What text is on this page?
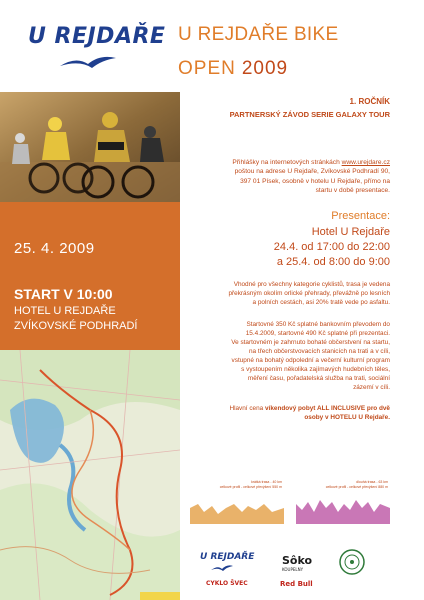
U REJDAŘE U REJDAŘE BIKE
OPEN 2009
25. 4. 2009
START V 10:00
HOTEL U REJDAŘE
ZVÍKOVSKÉ PODHRADÍ
1. ROČNÍK
PARTNERSKÝ ZÁVOD SERIE GALAXY TOUR
Přihlášky na internetových stránkách www.urejdare.cz
poštou na adrese U Rejdaře, Zvíkovské Podhradí 90,
397 01 Písek, osobně v hotelu U Rejdaře, přímo na
startu v době presentace.
Presentace:
Hotel U Rejdaře
24.4. od 17:00 do 22:00
a 25.4. od 8:00 do 9:00
Vhodné pro všechny kategorie cyklistů, trasa je vedena
překrásným okolím orlické přehrady, převážně po lesních
a polních cestách, asi 20% tratě vede po asfaltu.
Startovné 350 Kč splatné bankovním převodem do
15.4.2009, startovné 490 Kč splatné při prezentaci.
Ve startovném je zahrnuto bohaté občerstvení na startu,
na třech občerstvovacích stanicích na trati a v cíli,
vstupné na bohatý odpolední a večerní kulturní program
s vystoupením několika zajímavých hudebních těles,
měření času, pořadatelská služba na trati, sociální
zázemí v cíli.
Hlavní cena víkendový pobyt ALL INCLUSIVE pro dvě
osoby v HOTELU U Rejdaře.
krátká trasa - 40 km
celkové profil - celkové převýšení 550 m
dlouhá trasa - 63 km
celkové profil - celkové převýšení 880 m
U REJDAŘE
CYKLO ŠVEC
Sôko
KOUPELNY
Red Bull
